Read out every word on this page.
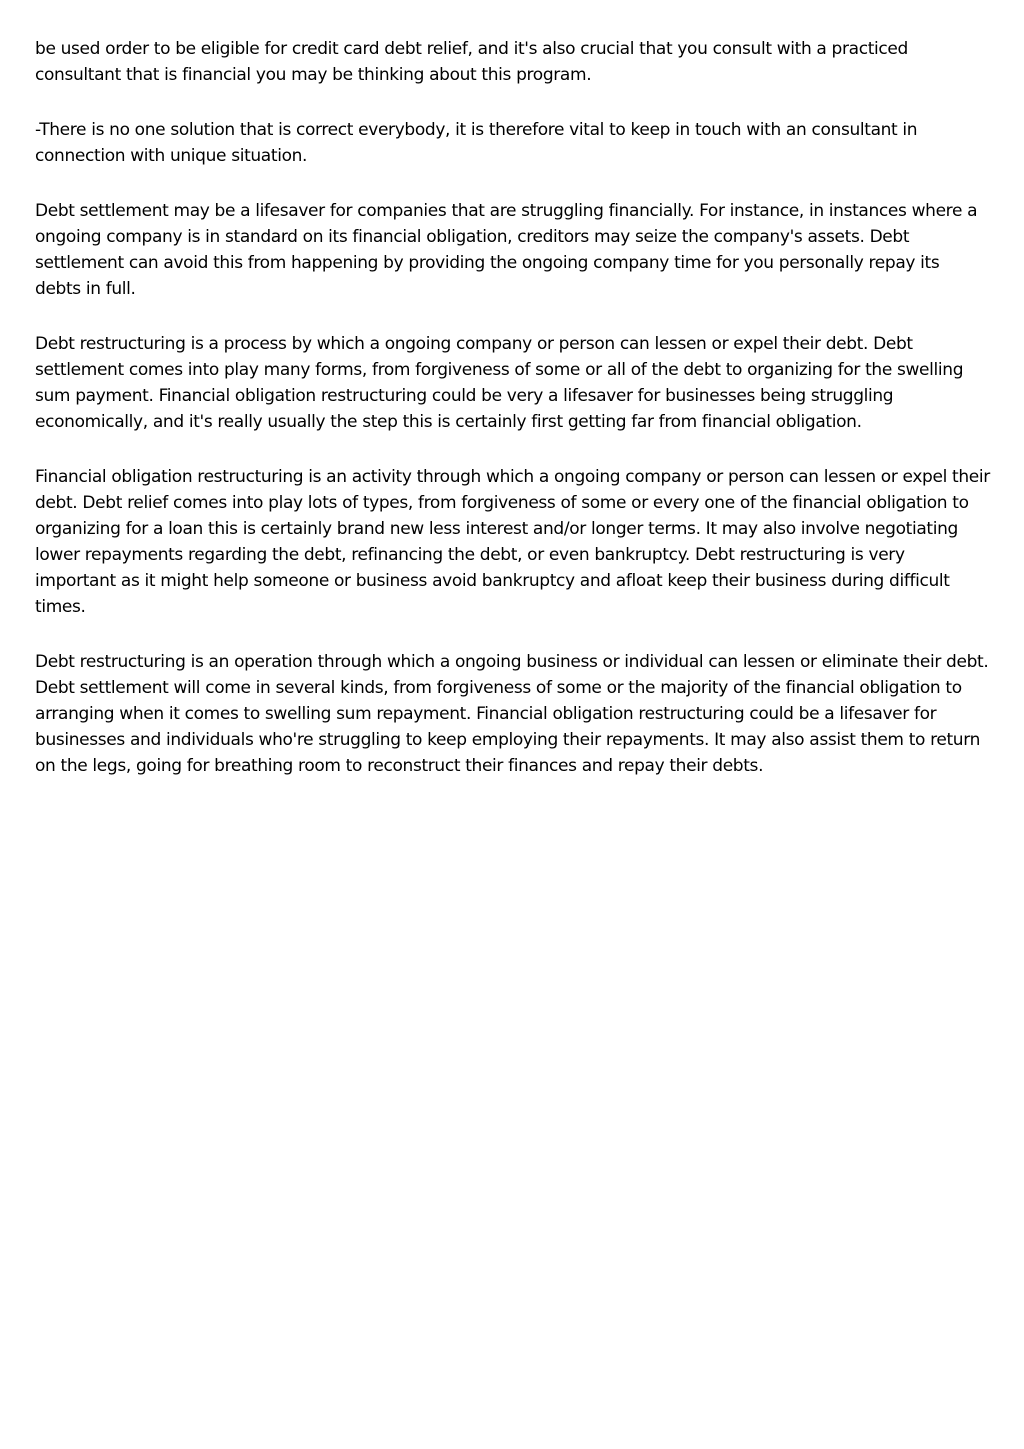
be used order to be eligible for credit card debt relief, and it's also crucial that you consult with a practiced consultant that is financial you may be thinking about this program.

-There is no one solution that is correct everybody, it is therefore vital to keep in touch with an consultant in connection with unique situation.

Debt settlement may be a lifesaver for companies that are struggling financially. For instance, in instances where a ongoing company is in standard on its financial obligation, creditors may seize the company's assets. Debt settlement can avoid this from happening by providing the ongoing company time for you personally repay its debts in full.

Debt restructuring is a process by which a ongoing company or person can lessen or expel their debt. Debt settlement comes into play many forms, from forgiveness of some or all of the debt to organizing for the swelling sum payment. Financial obligation restructuring could be very a lifesaver for businesses being struggling economically, and it's really usually the step this is certainly first getting far from financial obligation.

Financial obligation restructuring is an activity through which a ongoing company or person can lessen or expel their debt. Debt relief comes into play lots of types, from forgiveness of some or every one of the financial obligation to organizing for a loan this is certainly brand new less interest and/or longer terms. It may also involve negotiating lower repayments regarding the debt, refinancing the debt, or even bankruptcy. Debt restructuring is very important as it might help someone or business avoid bankruptcy and afloat keep their business during difficult times.

Debt restructuring is an operation through which a ongoing business or individual can lessen or eliminate their debt. Debt settlement will come in several kinds, from forgiveness of some or the majority of the financial obligation to arranging when it comes to swelling sum repayment. Financial obligation restructuring could be a lifesaver for businesses and individuals who're struggling to keep employing their repayments. It may also assist them to return on the legs, going for breathing room to reconstruct their finances and repay their debts.
